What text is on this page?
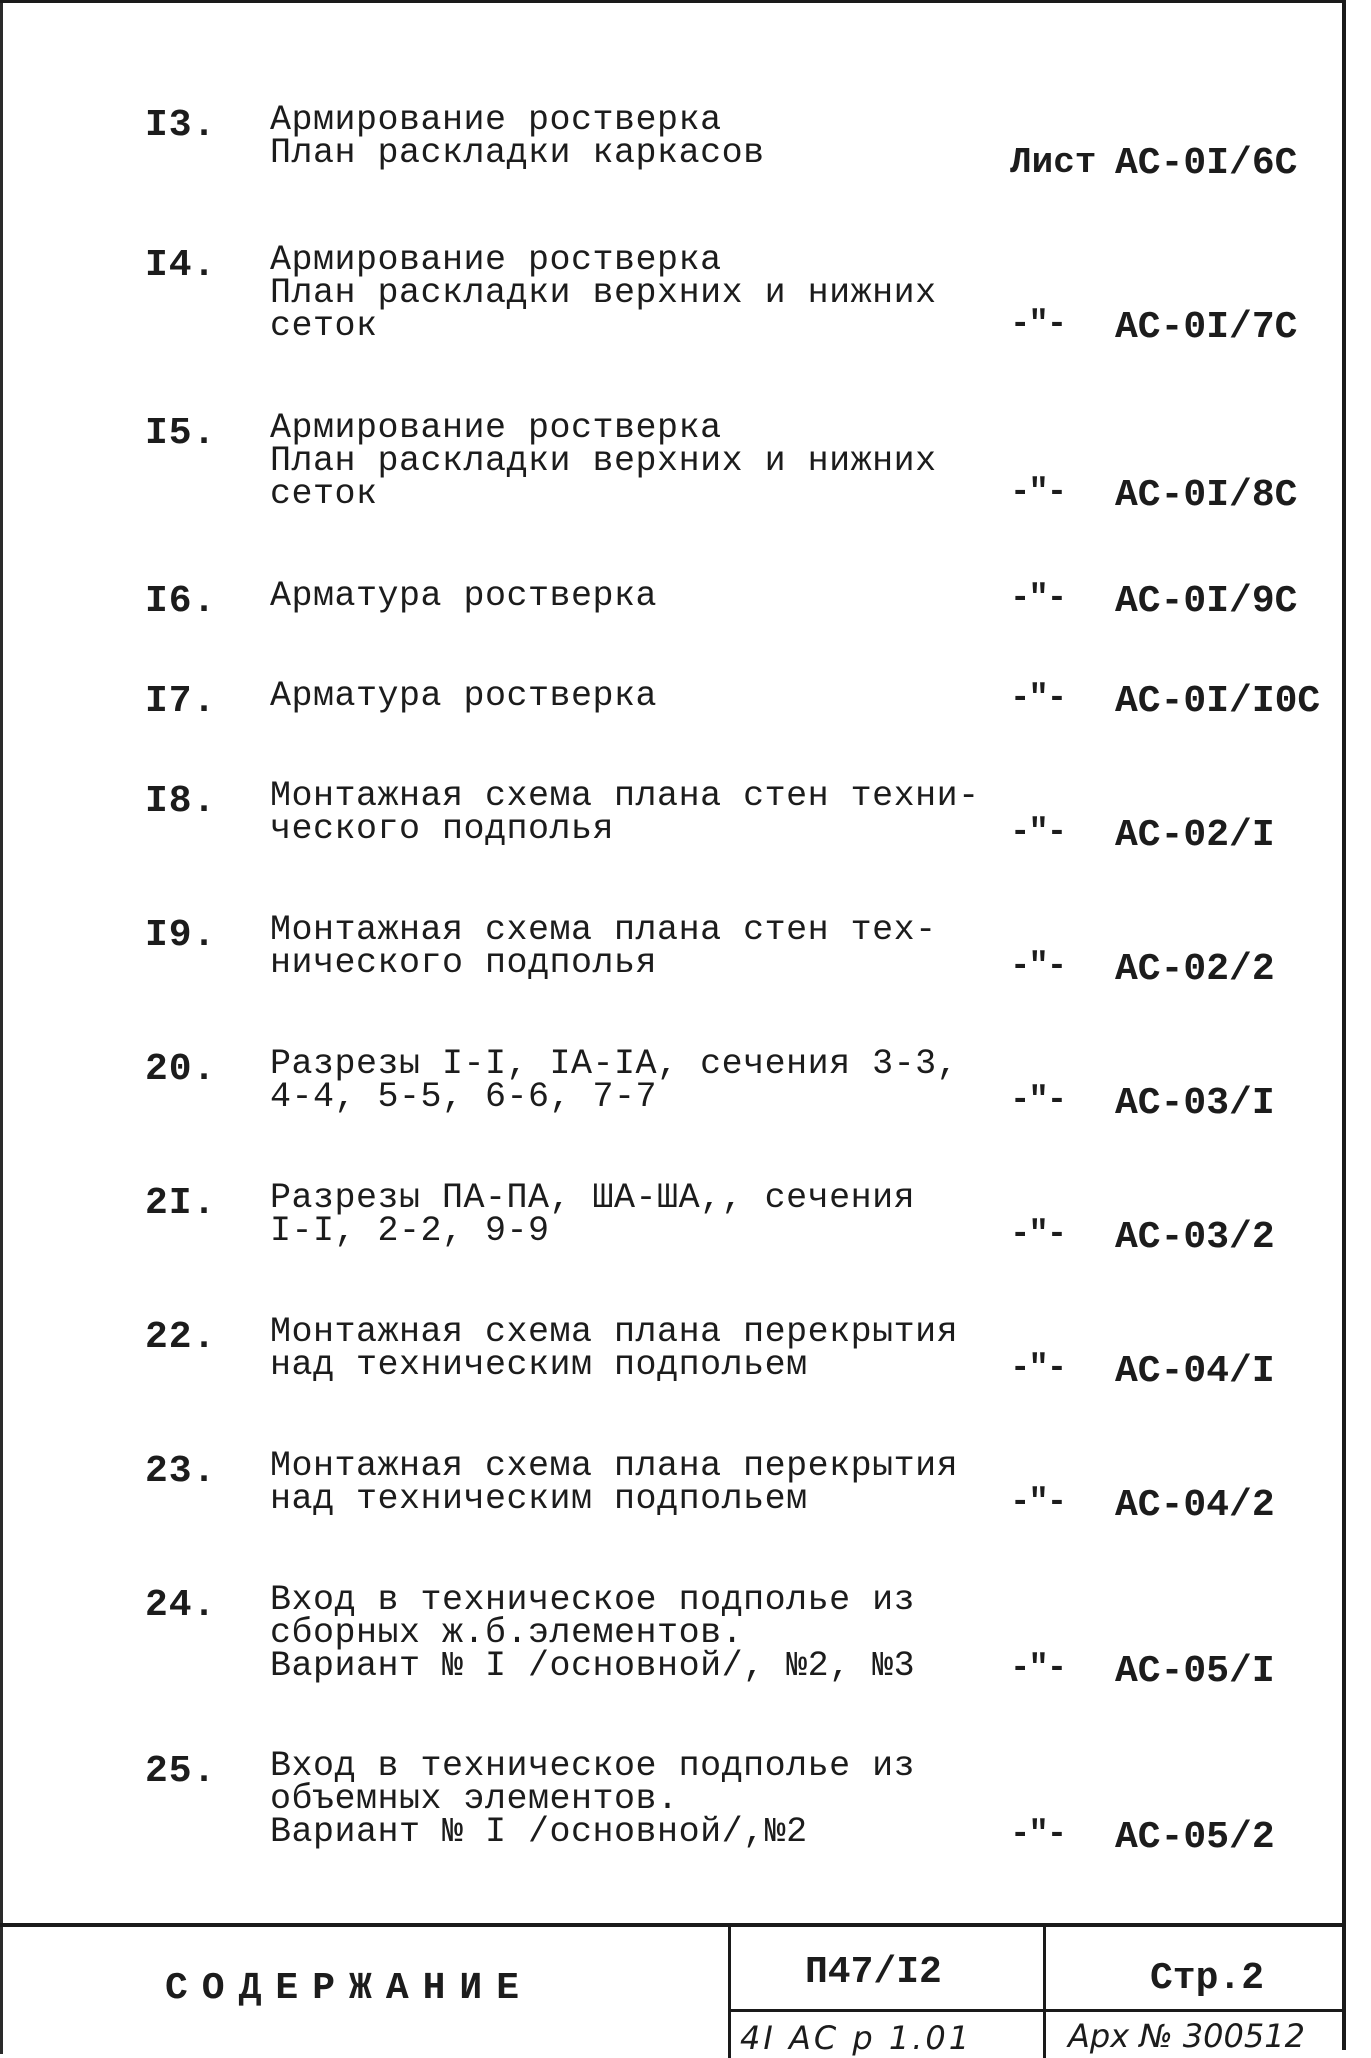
I3. Армирование ростверка
План раскладки каркасов	Лист АС-0I/6С
I4. Армирование ростверка
План раскладки верхних и нижних
сеток	-"- АС-0I/7С
I5. Армирование ростверка
План раскладки верхних и нижних
сеток	-"- АС-0I/8С
I6. Арматура ростверка	-"- АС-0I/9С
I7. Арматура ростверка	-"- АС-0I/I0С
I8. Монтажная схема плана стен техни-
ческого подполья	-"- АС-02/I
I9. Монтажная схема плана стен тех-
нического подполья	-"- АС-02/2
20. Разрезы I-I, IА-IА, сечения 3-3,
4-4, 5-5, 6-6, 7-7	-"- АС-03/I
2I. Разрезы ПА-ПА, ША-ША,, сечения
I-I, 2-2, 9-9	-"- АС-03/2
22. Монтажная схема плана перекрытия
над техническим подпольем	-"- АС-04/I
23. Монтажная схема плана перекрытия
над техническим подпольем	-"- АС-04/2
24. Вход в техническое подполье из
сборных ж.б.элементов.
Вариант № I /основной/, №2, №3	-"- АС-05/I
25. Вход в техническое подполье из
объемных элементов.
Вариант № I /основной/,№2	-"- АС-05/2
СОДЕРЖАНИЕ	П47/I2	Стр.2
4I АС р 1.01	Арх № 300512
